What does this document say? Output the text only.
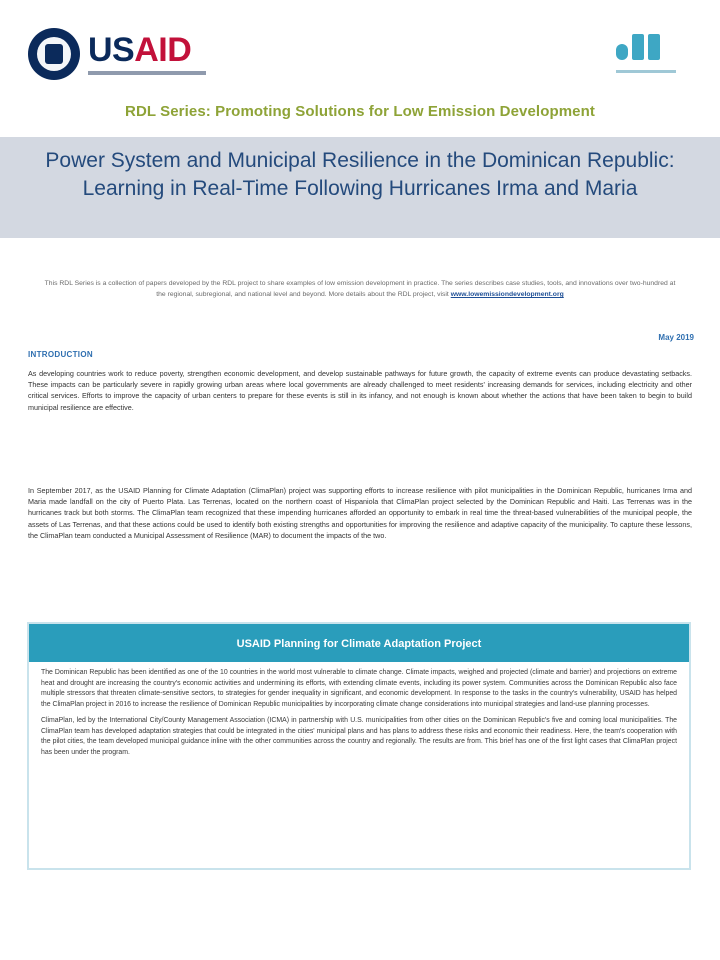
USAID
RDL Series: Promoting Solutions for Low Emission Development
Power System and Municipal Resilience in the Dominican Republic: Learning in Real-Time Following Hurricanes Irma and Maria
This RDL Series is a collection of papers developed by the RDL project to share examples of low emission development in practice. The series describes case studies, tools, and innovations over two-hundred at the regional, subregional, and national level and beyond. More details about the RDL project, visit www.lowemissiondevelopment.org
May 2019
INTRODUCTION
As developing countries work to reduce poverty, strengthen economic development, and develop sustainable pathways for future growth, the capacity of extreme events can produce devastating setbacks. These impacts can be particularly severe in rapidly growing urban areas where local governments are already challenged to meet residents' increasing demands for services, including electricity and other critical services. Efforts to improve the capacity of urban centers to prepare for these events is still in its infancy, and not enough is known about whether the actions that have been taken to begin to build municipal resilience are effective.
In September 2017, as the USAID Planning for Climate Adaptation (ClimaPlan) project was supporting efforts to increase resilience with pilot municipalities in the Dominican Republic, hurricanes Irma and Maria made landfall on the city of Puerto Plata. Las Terrenas, located on the northern coast of Hispaniola that ClimaPlan project selected by the Dominican Republic and Haiti. Las Terrenas was in the hurricanes track but both storms. The ClimaPlan team recognized that these impending hurricanes afforded an opportunity to embark in real time the threat-based vulnerabilities of the municipal people, the assets of Las Terrenas, and that these actions could be used to identify both existing strengths and opportunities for improving the resilience and adaptive capacity of the municipality. To capture these lessons, the ClimaPlan team conducted a Municipal Assessment of Resilience (MAR) to document the impacts of the two.
USAID Planning for Climate Adaptation Project

The Dominican Republic has been identified as one of the 10 countries in the world most vulnerable to climate change. Climate impacts, weighed and projected (climate and barrier) and projections on extreme heat and drought are increasing the country's economic activities and undermining its efforts, with extending climate events, including its power system. Communities across the Dominican Republic also face multiple stressors that threaten climate-sensitive sectors, to strategies for gender inequality in significant, and economic development. In response to the tasks in the country's vulnerability, USAID has helped the ClimaPlan project in 2016 to increase the resilience of Dominican Republic municipalities by incorporating climate change considerations into municipal strategies and land-use planning processes.

ClimaPlan, led by the International City/County Management Association (ICMA) in partnership with U.S. municipalities from other cities on the Dominican Republic's five and coming local municipalities. The ClimaPlan team has developed adaptation strategies that could be integrated in the cities' municipal plans and has plans to address these risks and economic their readiness. Here, the team's cooperation with the pilot cities, the team developed municipal guidance inline with the other communities across the country and regionally. The results are from. This brief has one of the first light cases that ClimaPlan project has been under the program.
